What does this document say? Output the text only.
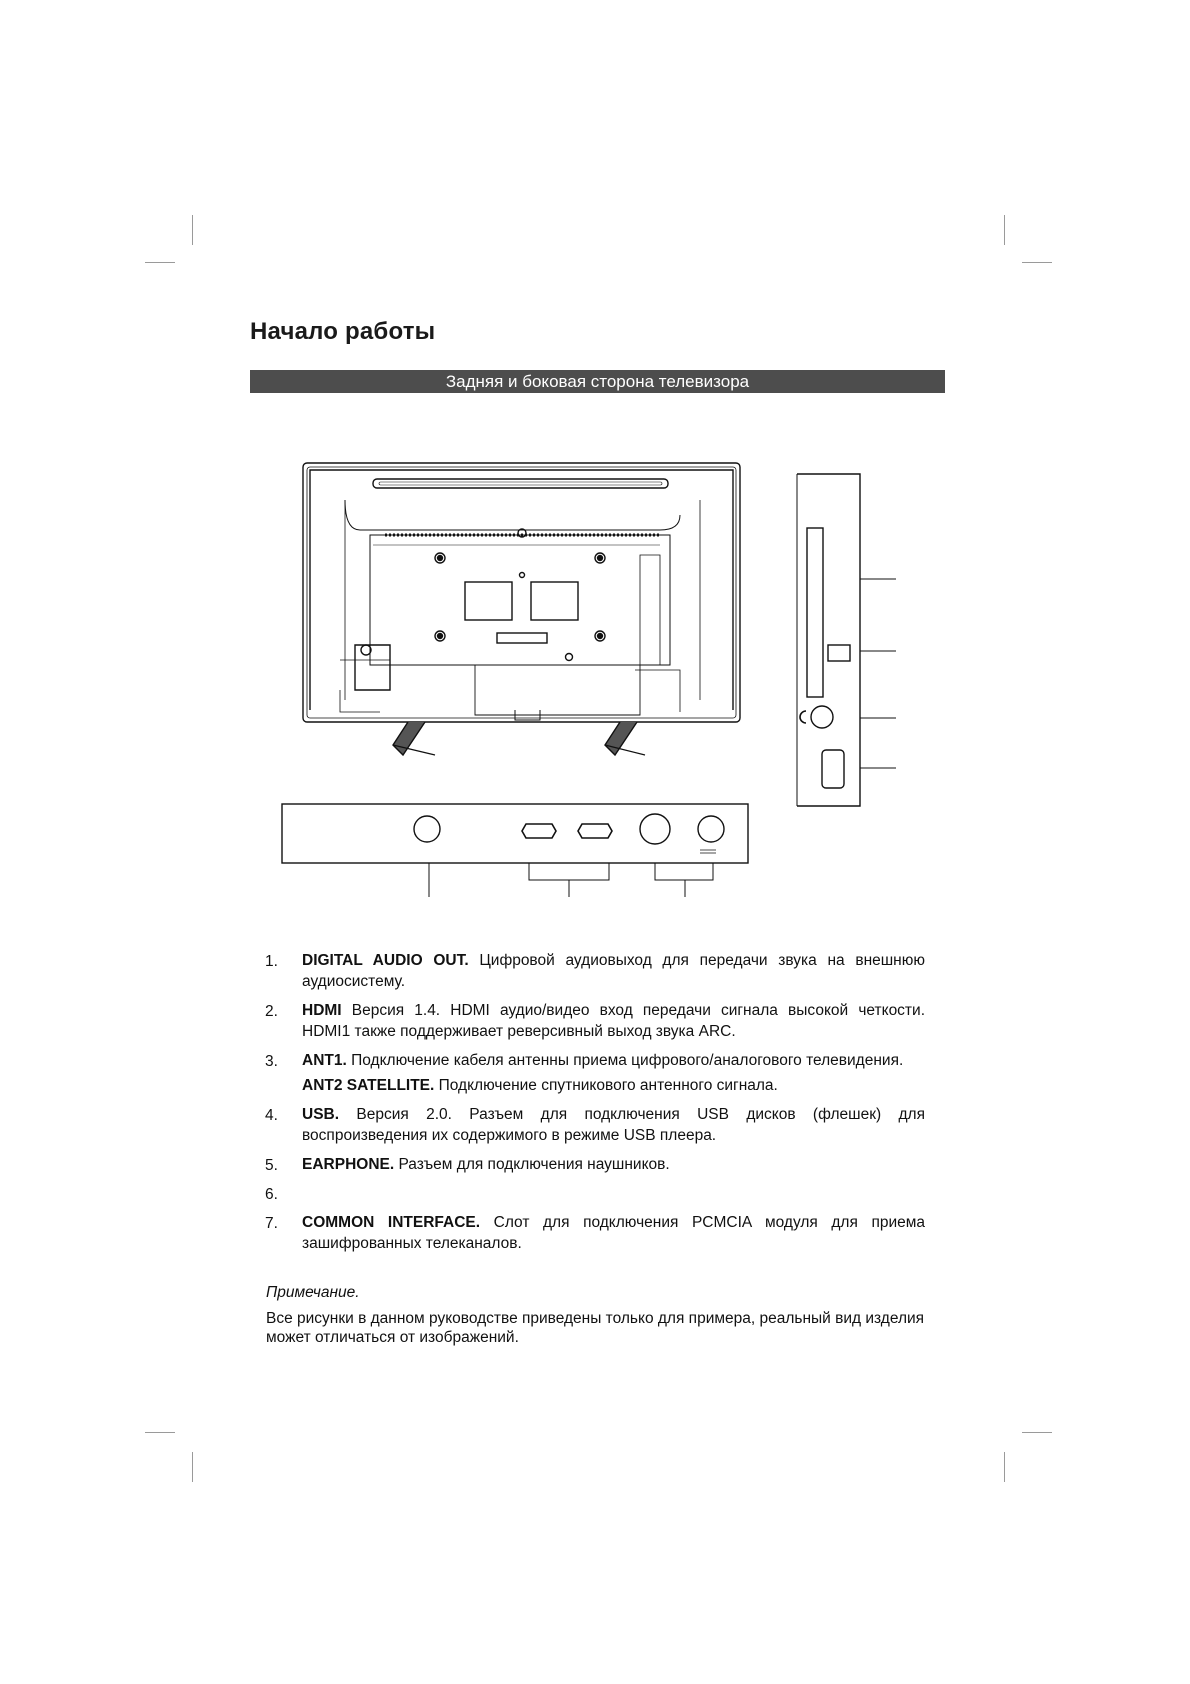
Начало работы
Задняя и боковая сторона телевизора
1. DIGITAL AUDIO OUT. Цифровой аудиовыход для передачи звука на внешнюю аудиосистему.
2. HDMI Версия 1.4. HDMI аудио/видео вход передачи сигнала высокой четкости. HDMI1 также поддерживает реверсивный выход звука ARC.
3. ANT1. Подключение кабеля антенны приема цифрового/аналогового телевидения.
ANT2 SATELLITE. Подключение спутникового антенного сигнала.
4. USB. Версия 2.0. Разъем для подключения USB дисков (флешек) для воспроизведения их содержимого в режиме USB плеера.
5. EARPHONE. Разъем для подключения наушников.
6.
7. COMMON INTERFACE. Слот для подключения PCMCIA модуля для приема зашифрованных телеканалов.
Примечание.
Все рисунки в данном руководстве приведены только для примера, реальный вид изделия может отличаться от изображений.
